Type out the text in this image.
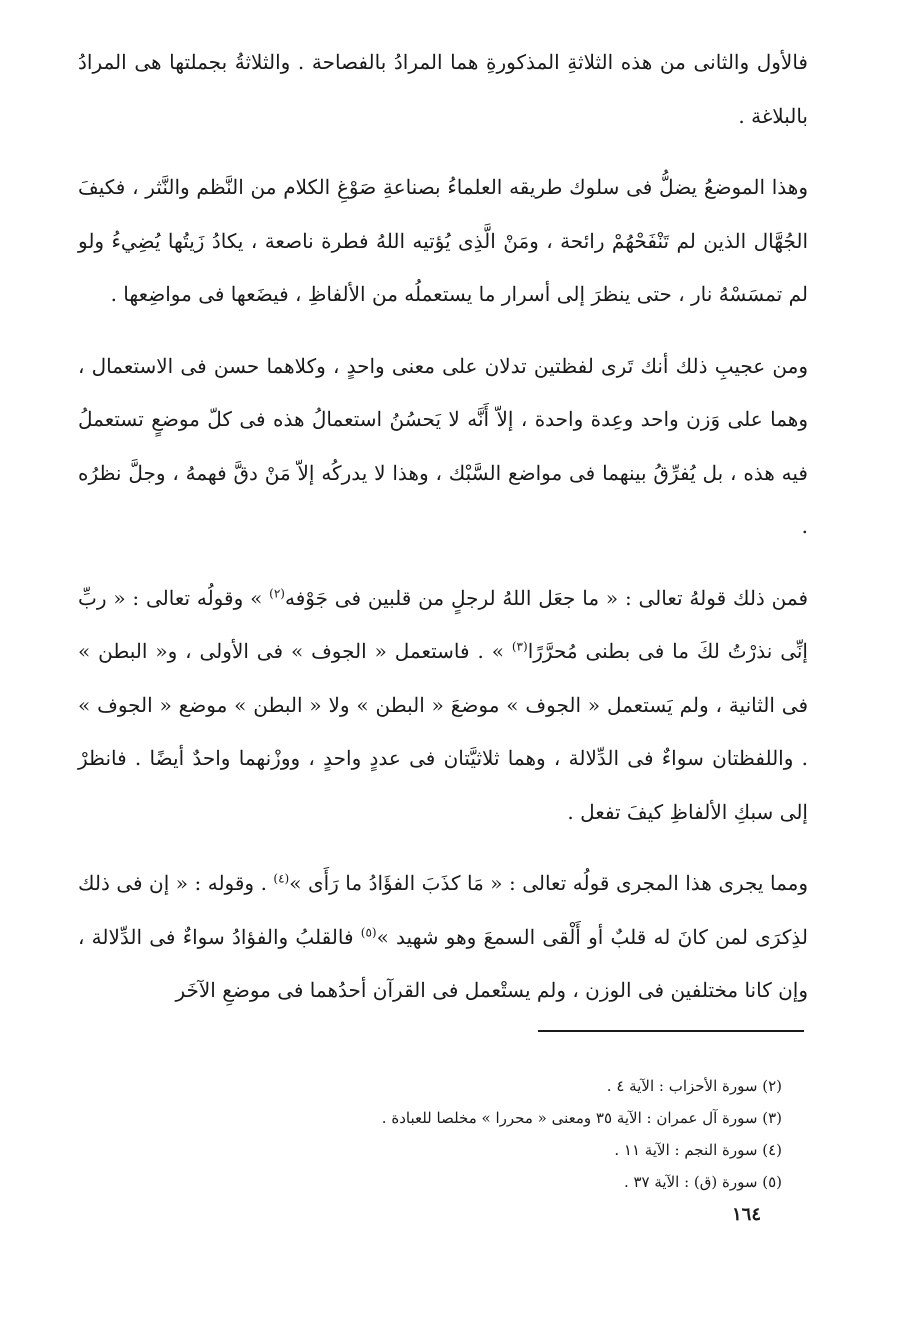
فالأول والثانى من هذه الثلاثةِ المذكورةِ هما المرادُ بالفصاحة . والثلاثةُ بجملتها هى المرادُ بالبلاغة .

وهذا الموضعُ يضلُّ فى سلوك طريقه العلماءُ بصناعةِ صَوْغِ الكلام من النَّظم والنَّثر ، فكيفَ الجُهَّال الذين لم تَنْفَحْهُمْ رائحة ، ومَنْ الَّذِى يُؤتيه اللهُ فطرة ناصعة ، يكادُ زَيتُها يُضِيءُ ولو لم تمسَسْهُ نار ، حتى ينظرَ إلى أسرار ما يستعملُه من الألفاظِ ، فيضَعها فى مواضِعها .

ومن عجيبِ ذلك أنك تَرى لفظتين تدلان على معنى واحدٍ ، وكلاهما حسن فى الاستعمال ، وهما على وَزن واحد وعِدة واحدة ، إلاّ أَنَّه لا يَحسُنُ استعمالُ هذه فى كلّ موضعٍ تستعملُ فيه هذه ، بل يُفرِّقُ بينهما فى مواضع السَّبْك ، وهذا لا يدركُه إلاّ مَنْ دقَّ فهمهُ ، وجلَّ نظرُه .

فمن ذلك قولهُ تعالى : « ما جعَل اللهُ لرجلٍ من قلبين فى جَوْفه$^{(٢)}$ » وقولُه تعالى : « ربِّ إنِّى نذرْتُ لكَ ما فى بطنى مُحرَّرًا$^{(٣)}$ » . فاستعمل « الجوف » فى الأولى ، و« البطن » فى الثانية ، ولم يَستعمل « الجوف » موضعَ « البطن » ولا « البطن » موضع « الجوف » . واللفظتان سواءٌ فى الدِّلالة ، وهما ثلاثيَّتان فى عددٍ واحدٍ ، ووزْنهما واحدٌ أيضًا . فانظرْ إلى سبكِ الألفاظِ كيفَ تفعل .

ومما يجرى هذا المجرى قولُه تعالى : « مَا كذَبَ الفؤَادُ ما رَأَى »$^{(٤)}$ . وقوله : « إن فى ذلك لذِكرَى لمن كانَ له قلبٌ أو أَلْقى السمعَ وهو شهيد »$^{(٥)}$ فالقلبُ والفؤادُ سواءٌ فى الدِّلالة ، وإن كانا مختلفين فى الوزن ، ولم يستْعمل فى القرآن أحدُهما فى موضعِ الآخَر

(٢) سورة الأحزاب : الآية ٤ .

(٣) سورة آل عمران : الآية ٣٥ ومعنى « محررا » مخلصا للعبادة .

(٤) سورة النجم : الآية ١١ .

(٥) سورة (ق) : الآية ٣٧ .

١٦٤
